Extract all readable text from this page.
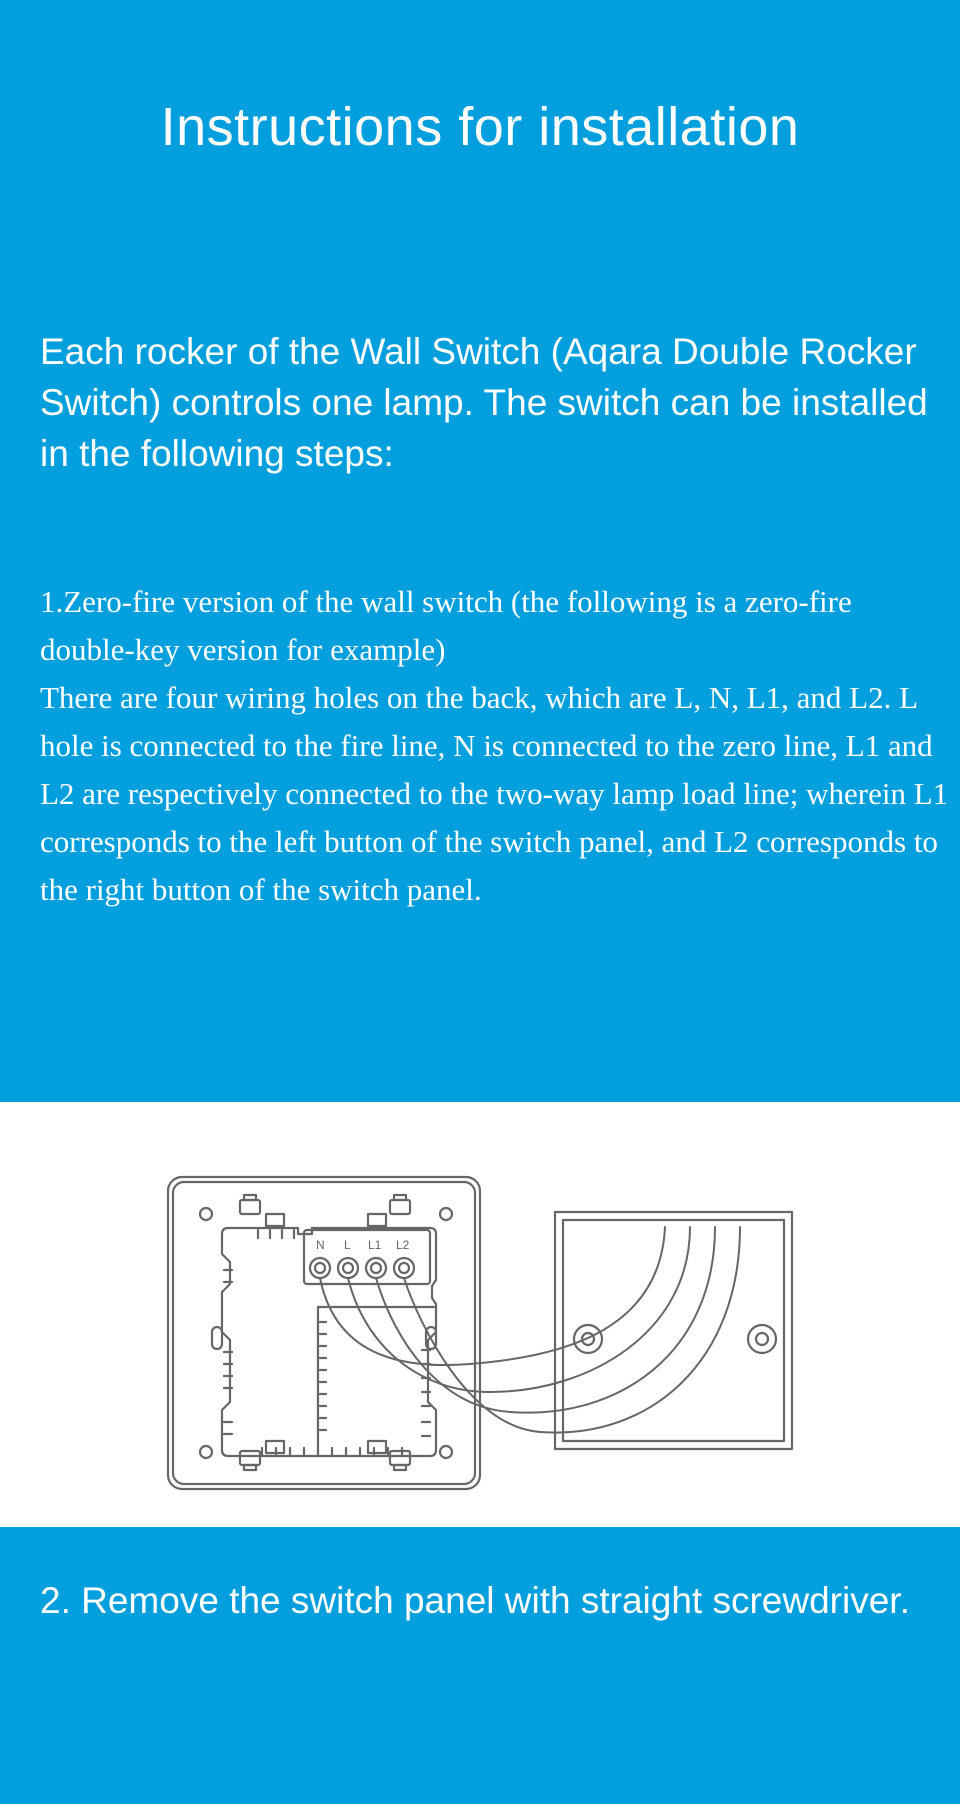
Instructions for installation
Each rocker of the Wall Switch (Aqara Double Rocker Switch) controls one lamp. The switch can be installed in the following steps:

1.Zero-fire version of the wall switch (the following is a zero-fire double-key version for example)

There are four wiring holes on the back, which are L, N, L1, and L2. L hole is connected to the fire line, N is connected to the zero line, L1 and L2 are respectively connected to the two-way lamp load line; wherein L1 corresponds to the left button of the switch panel, and L2 corresponds to the right button of the switch panel.

N L L1 L2
2. Remove the switch panel with straight screwdriver.
